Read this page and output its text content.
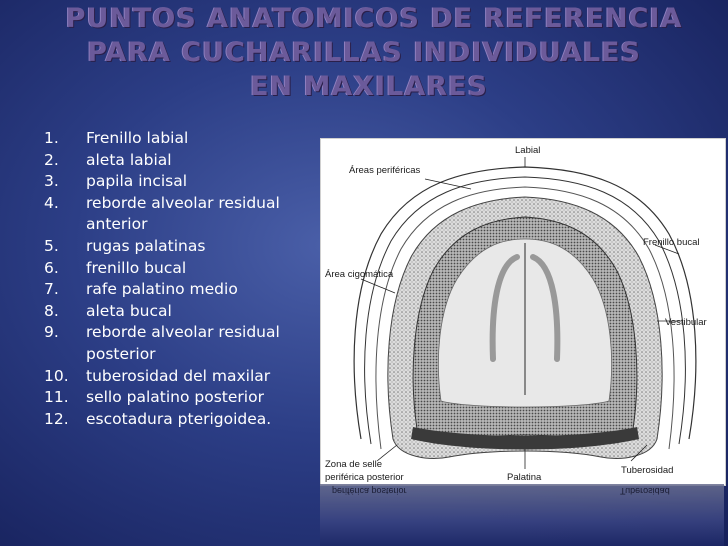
PUNTOS ANATOMICOS DE REFERENCIA
PARA CUCHARILLAS INDIVIDUALES
EN MAXILARES
1.	Frenillo labial
2.	aleta labial
3.	papila incisal
4.	reborde alveolar residual anterior
5.	rugas palatinas
6.	frenillo bucal
7.	rafe palatino medio
8.	aleta bucal
9.	reborde alveolar residual posterior
10.	tuberosidad del maxilar
11.	sello palatino posterior
12.	escotadura pterigoidea.
Labial
Áreas periféricas
Frenillo bucal
Área cigomática
Vestibular
Zona de selle
periférica posterior	Palatina
Tuberosidad
periférica posterior	Tuberosidad
